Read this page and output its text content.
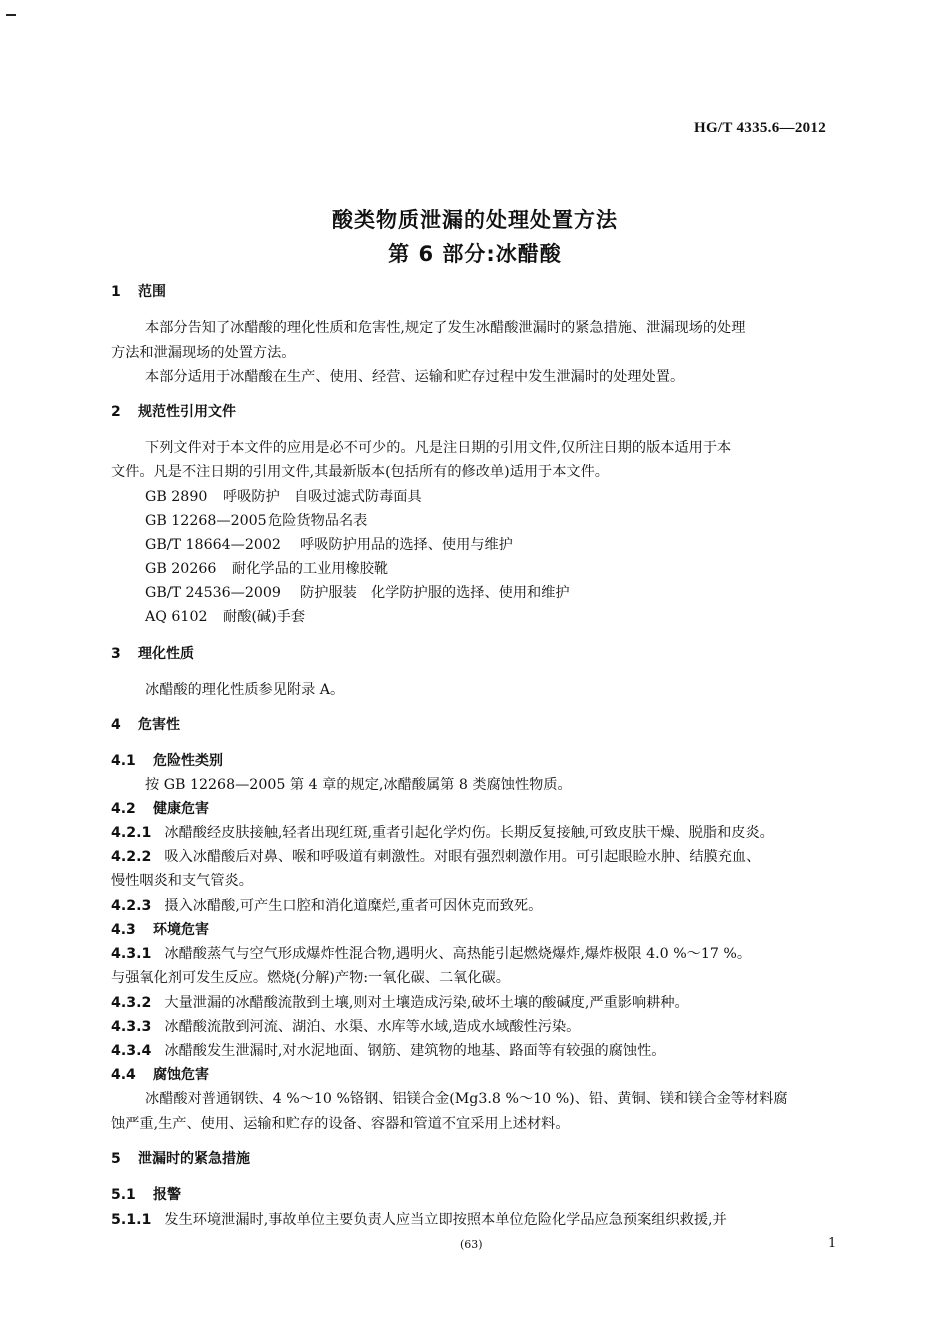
HG/T 4335.6—2012
酸类物质泄漏的处理处置方法
第 6 部分:冰醋酸
1 范围
本部分告知了冰醋酸的理化性质和危害性,规定了发生冰醋酸泄漏时的紧急措施、泄漏现场的处理
方法和泄漏现场的处置方法。
本部分适用于冰醋酸在生产、使用、经营、运输和贮存过程中发生泄漏时的处理处置。
2 规范性引用文件
下列文件对于本文件的应用是必不可少的。凡是注日期的引用文件,仅所注日期的版本适用于本
文件。凡是不注日期的引用文件,其最新版本(包括所有的修改单)适用于本文件。
GB 2890 呼吸防护　自吸过滤式防毒面具
GB 12268—2005危险货物品名表
GB/T 18664—2002 呼吸防护用品的选择、使用与维护
GB 20266 耐化学品的工业用橡胶靴
GB/T 24536—2009 防护服装　化学防护服的选择、使用和维护
AQ 6102 耐酸(碱)手套
3 理化性质
冰醋酸的理化性质参见附录 A。
4 危害性
4.1 危险性类别
按 GB 12268—2005 第 4 章的规定,冰醋酸属第 8 类腐蚀性物质。
4.2 健康危害
4.2.1 冰醋酸经皮肤接触,轻者出现红斑,重者引起化学灼伤。长期反复接触,可致皮肤干燥、脱脂和皮炎。
4.2.2 吸入冰醋酸后对鼻、喉和呼吸道有刺激性。对眼有强烈刺激作用。可引起眼睑水肿、结膜充血、
慢性咽炎和支气管炎。
4.2.3 摄入冰醋酸,可产生口腔和消化道糜烂,重者可因休克而致死。
4.3 环境危害
4.3.1 冰醋酸蒸气与空气形成爆炸性混合物,遇明火、高热能引起燃烧爆炸,爆炸极限 4.0 %～17 %。
与强氧化剂可发生反应。燃烧(分解)产物:一氧化碳、二氧化碳。
4.3.2 大量泄漏的冰醋酸流散到土壤,则对土壤造成污染,破坏土壤的酸碱度,严重影响耕种。
4.3.3 冰醋酸流散到河流、湖泊、水渠、水库等水域,造成水域酸性污染。
4.3.4 冰醋酸发生泄漏时,对水泥地面、钢筋、建筑物的地基、路面等有较强的腐蚀性。
4.4 腐蚀危害
冰醋酸对普通钢铁、4 %～10 %铬钢、铝镁合金(Mg3.8 %～10 %)、铅、黄铜、镁和镁合金等材料腐
蚀严重,生产、使用、运输和贮存的设备、容器和管道不宜采用上述材料。
5 泄漏时的紧急措施
5.1 报警
5.1.1 发生环境泄漏时,事故单位主要负责人应当立即按照本单位危险化学品应急预案组织救援,并
(63)	1
